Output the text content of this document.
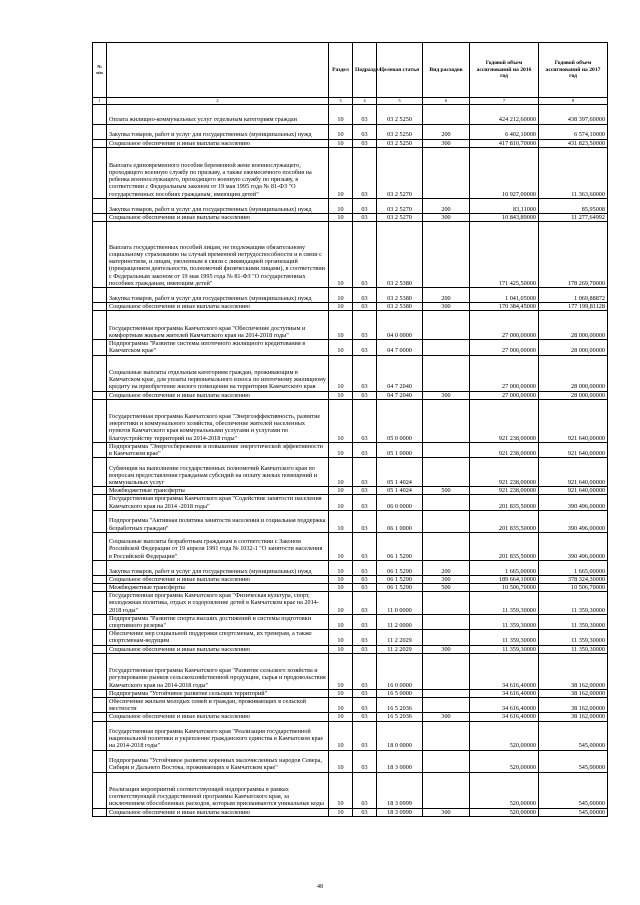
№ п/п		Раздел	Подраздел	Целевая статья	Вид расходов	Годовой объем ассигнований на 2016 год	Годовой объем ассигнований на 2017 год
1	2	3	4	5	6	7	8
	Оплата жилищно-коммунальных услуг отдельным категориям граждан	10	03	03 2 5250		424 212,60000	438 397,60000
	Закупка товаров, работ и услуг для государственных (муниципальных) нужд	10	03	03 2 5250	200	6 402,10000	6 574,10000
	Социальное обеспечение и иные выплаты населению	10	03	03 2 5250	300	417 810,70000	431 823,50000
	Выплата единовременного пособия беременной жене военнослужащего, проходящего военную службу по призыву, а также ежемесячного пособия на ребенка военнослужащего, проходящего военную службу по призыву, в соответствии с Федеральным законом от 19 мая 1995 года № 81-ФЗ "О государственных пособиях гражданам, имеющим детей"	10	03	03 2 5270		10 927,00000	11 363,60000
	Закупка товаров, работ и услуг для государственных (муниципальных) нужд	10	03	03 2 5270	200	83,11000	85,95008
	Социальное обеспечение и иные выплаты населению	10	03	03 2 5270	300	10 843,89000	11 277,64992
	Выплата государственных пособий лицам, не подлежащим обязательному социальному страхованию на случай временной нетрудоспособности и в связи с материнством, и лицам, уволенным в связи с ликвидацией организаций (прекращением деятельности, полномочий физическими лицами), в соответствии с Федеральным законом от 19 мая 1995 года № 81-ФЗ "О государственных пособиях гражданам, имеющим детей"	10	03	03 2 5380		171 425,50000	178 269,70000
	Закупка товаров, работ и услуг для государственных (муниципальных) нужд	10	03	03 2 5380	200	1 041,05000	1 069,88872
	Социальное обеспечение и иные выплаты населению	10	03	03 2 5380	300	170 384,45000	177 199,81128
	Государственная программа Камчатского края "Обеспечение доступным и комфортным жильем жителей Камчатского края на 2014-2018 годы"	10	03	04 0 0000		27 000,00000	28 000,00000
	Подпрограмма "Развитие системы ипотечного жилищного кредитования в Камчатском крае"	10	03	04 7 0000		27 000,00000	28 000,00000
	Социальные выплаты отдельным категориям граждан, проживающим в Камчатском крае, для уплаты первоначального взноса по ипотечному жилищному кредиту на приобретение жилого помещения на территории Камчатского края	10	03	04 7 2040		27 000,00000	28 000,00000
	Социальное обеспечение и иные выплаты населению	10	03	04 7 2040	300	27 000,00000	28 000,00000
	Государственная программа Камчатского края "Энергоэффективность, развитие энергетики и коммунального хозяйства, обеспечение жителей населенных пунктов Камчатского края коммунальными услугами и услугами по благоустройству территорий на 2014-2018 годы"	10	03	05 0 0000		921 238,00000	921 640,00000
	Подпрограмма "Энергосбережение и повышение энергетической эффективности в Камчатском крае"	10	03	05 1 0000		921 238,00000	921 640,00000
	Субвенция на выполнение государственных полномочий Камчатского края по вопросам предоставления гражданам субсидий на оплату жилых помещений и коммунальных услуг	10	03	05 1 4024		921 238,00000	921 640,00000
	Межбюджетные трансферты	10	03	05 1 4024	500	921 238,00000	921 640,00000
	Государственная программа Камчатского края "Содействие занятости населения Камчатского края на 2014 -2018 годы"	10	03	06 0 0000		201 835,50000	390 496,00000
	Подпрограмма "Активная политика занятости населения и социальная поддержка безработных граждан"	10	03	06 1 0000		201 835,50000	390 496,00000
	Социальные выплаты безработным гражданам в соответствии с Законом Российской Федерации от 19 апреля 1991 года № 1032-1 "О занятости населения в Российской Федерации"	10	03	06 1 5290		201 835,50000	390 496,00000
	Закупка товаров, работ и услуг для государственных (муниципальных) нужд	10	03	06 1 5290	200	1 665,00000	1 665,00000
	Социальное обеспечение и иные выплаты населению	10	03	06 1 5290	300	189 664,10000	378 324,30000
	Межбюджетные трансферты	10	03	06 1 5290	500	10 506,70000	10 506,70000
	Государственная программа Камчатского края "Физическая культура, спорт, молодежная политика, отдых и оздоровление детей в Камчатском крае на 2014-2018 годы"	10	03	11 0 0000		11 359,30000	11 359,30000
	Подпрограмма "Развитие спорта высших достижений и системы подготовки спортивного резерва"	10	03	11 2 0000		11 359,30000	11 359,30000
	Обеспечение мер социальной поддержки спортсменам, их тренерам, а также спортсменам-ведущим	10	03	11 2 2029		11 359,30000	11 359,30000
	Социальное обеспечение и иные выплаты населению	10	03	11 2 2029	300	11 359,30000	11 359,30000
	Государственная программа Камчатского края "Развитие сельского хозяйства и регулирование рынков сельскохозяйственной продукции, сырья и продовольствия Камчатского края на 2014-2018 годы"	10	03	16 0 0000		34 616,40000	38 162,00000
	Подпрограмма "Устойчивое развитие сельских территорий"	10	03	16 5 0000		34 616,40000	38 162,00000
	Обеспечение жильем молодых семей и граждан, проживающих в сельской местности	10	03	16 5 2036		34 616,40000	38 162,00000
	Социальное обеспечение и иные выплаты населению	10	03	16 5 2036	300	34 616,40000	38 162,00000
	Государственная программа Камчатского края "Реализация государственной национальной политики и укрепление гражданского единства в Камчатском крае на 2014-2018 годы"	10	03	18 0 0000		520,00000	545,00000
	Подпрограмма "Устойчивое развитие коренных малочисленных народов Севера, Сибири и Дальнего Востока, проживающих в Камчатском крае"	10	03	18 3 0000		520,00000	545,00000
	Реализация мероприятий соответствующей подпрограммы в рамках соответствующей государственной программы Камчатского края, за исключением обособленных расходов, которым присваиваются уникальные коды	10	03	18 3 0999		520,00000	545,00000
	Социальное обеспечение и иные выплаты населению	10	03	18 3 0999	300	520,00000	545,00000
48
